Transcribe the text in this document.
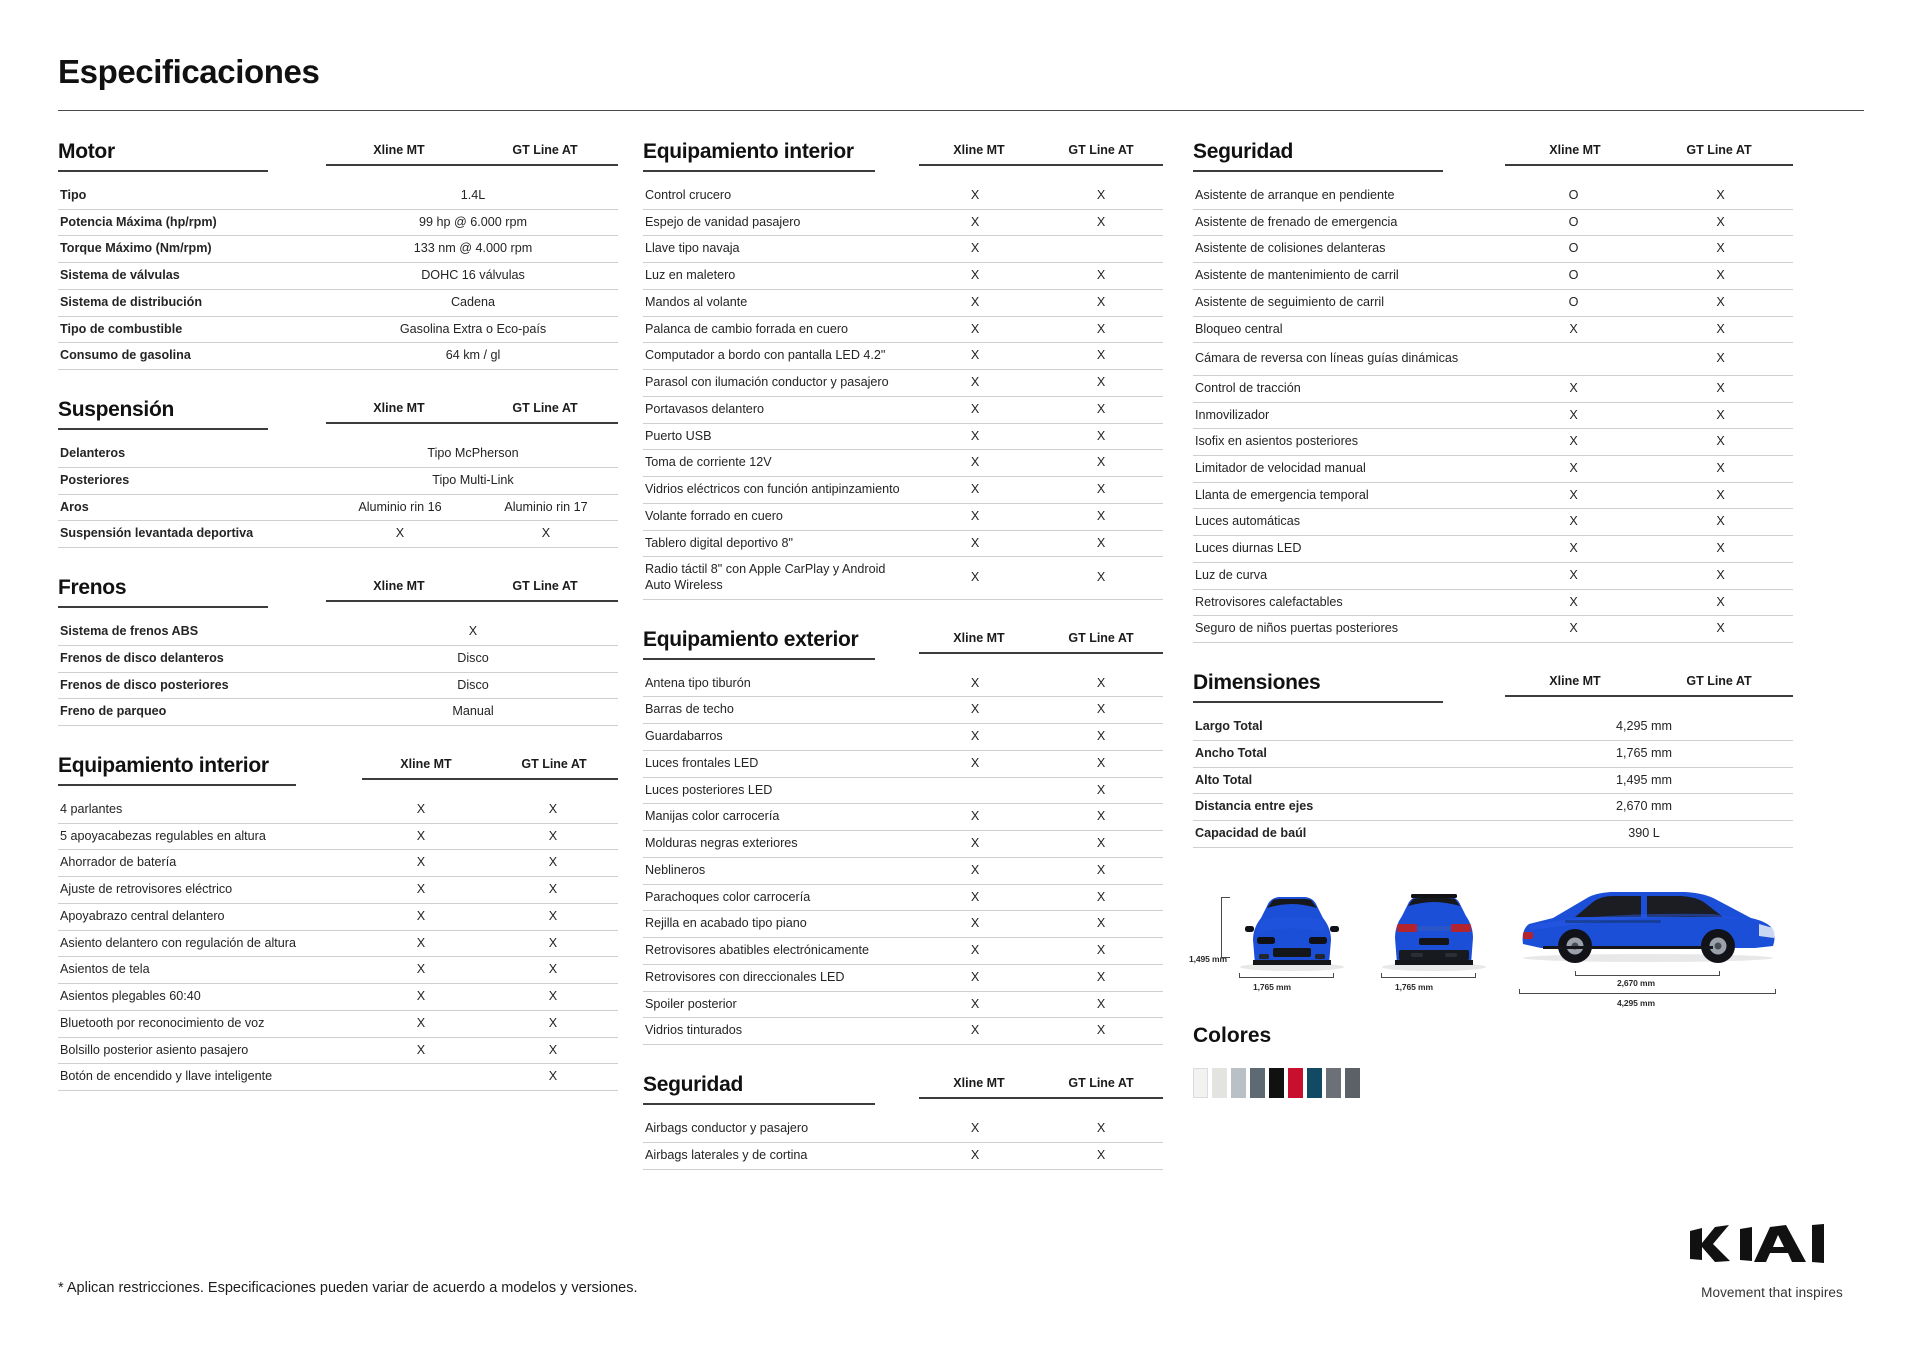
Especificaciones
Motor	Xline MT	GT Line AT
Tipo	1.4L
Potencia Máxima (hp/rpm)	99 hp @ 6.000 rpm
Torque Máximo (Nm/rpm)	133 nm @ 4.000 rpm
Sistema de válvulas	DOHC 16 válvulas
Sistema de distribución	Cadena
Tipo de combustible	Gasolina Extra o Eco-país
Consumo de gasolina	64 km / gl
Suspensión	Xline MT	GT Line AT
Delanteros	Tipo McPherson	
Posteriores	Tipo Multi-Link	
Aros	Aluminio rin 16	Aluminio rin 17
Suspensión levantada deportiva	X	X
Frenos	Xline MT	GT Line AT
Sistema de frenos ABS	X
Frenos de disco delanteros	Disco
Frenos de disco posteriores	Disco
Freno de parqueo	Manual
Equipamiento interior	Xline MT	GT Line AT
4 parlantes	X	X
5 apoyacabezas regulables en altura	X	X
Ahorrador de batería	X	X
Ajuste de retrovisores eléctrico	X	X
Apoyabrazo central delantero	X	X
Asiento delantero con regulación de altura	X	X
Asientos de tela	X	X
Asientos plegables 60:40	X	X
Bluetooth por reconocimiento de voz	X	X
Bolsillo posterior asiento pasajero	X	X
Botón de encendido y llave inteligente		X
Equipamiento interior	Xline MT	GT Line AT
Control crucero	X	X
Espejo de vanidad pasajero	X	X
Llave tipo navaja	X	
Luz en maletero	X	X
Mandos al volante	X	X
Palanca de cambio forrada en cuero	X	X
Computador a bordo con pantalla LED 4.2"	X	X
Parasol con ilumación conductor y pasajero	X	X
Portavasos delantero	X	X
Puerto USB	X	X
Toma de corriente 12V	X	X
Vidrios eléctricos con función antipinzamiento	X	X
Volante forrado en cuero	X	X
Tablero digital deportivo 8"	X	X
Radio táctil 8" con Apple CarPlay y Android Auto Wireless	X	X
Equipamiento exterior	Xline MT	GT Line AT
Antena tipo tiburón	X	X
Barras de techo	X	X
Guardabarros	X	X
Luces frontales LED	X	X
Luces posteriores LED		X
Manijas color carrocería	X	X
Molduras negras exteriores	X	X
Neblineros	X	X
Parachoques color carrocería	X	X
Rejilla en acabado tipo piano	X	X
Retrovisores abatibles electrónicamente	X	X
Retrovisores con direccionales LED	X	X
Spoiler posterior	X	X
Vidrios tinturados	X	X
Seguridad	Xline MT	GT Line AT
Airbags conductor y pasajero	X	X
Airbags laterales y de cortina	X	X
Seguridad	Xline MT	GT Line AT
Asistente de arranque en pendiente	O	X
Asistente de frenado de emergencia	O	X
Asistente de colisiones delanteras	O	X
Asistente de mantenimiento de carril	O	X
Asistente de seguimiento de carril	O	X
Bloqueo central	X	X
Cámara de reversa con líneas guías dinámicas		X
Control de tracción	X	X
Inmovilizador	X	X
Isofix en asientos posteriores	X	X
Limitador de velocidad manual	X	X
Llanta de emergencia temporal	X	X
Luces automáticas	X	X
Luces diurnas LED	X	X
Luz de curva	X	X
Retrovisores calefactables	X	X
Seguro de niños puertas posteriores	X	X
Dimensiones	Xline MT	GT Line AT
Largo Total	4,295 mm
Ancho Total	1,765 mm
Alto Total	1,495 mm
Distancia entre ejes	2,670 mm
Capacidad de baúl	390 L
1,495 mm
1,765 mm	1,765 mm	2,670 mm
4,295 mm
Colores
* Aplican restricciones. Especificaciones pueden variar de acuerdo a modelos y versiones.	Movement that inspires
